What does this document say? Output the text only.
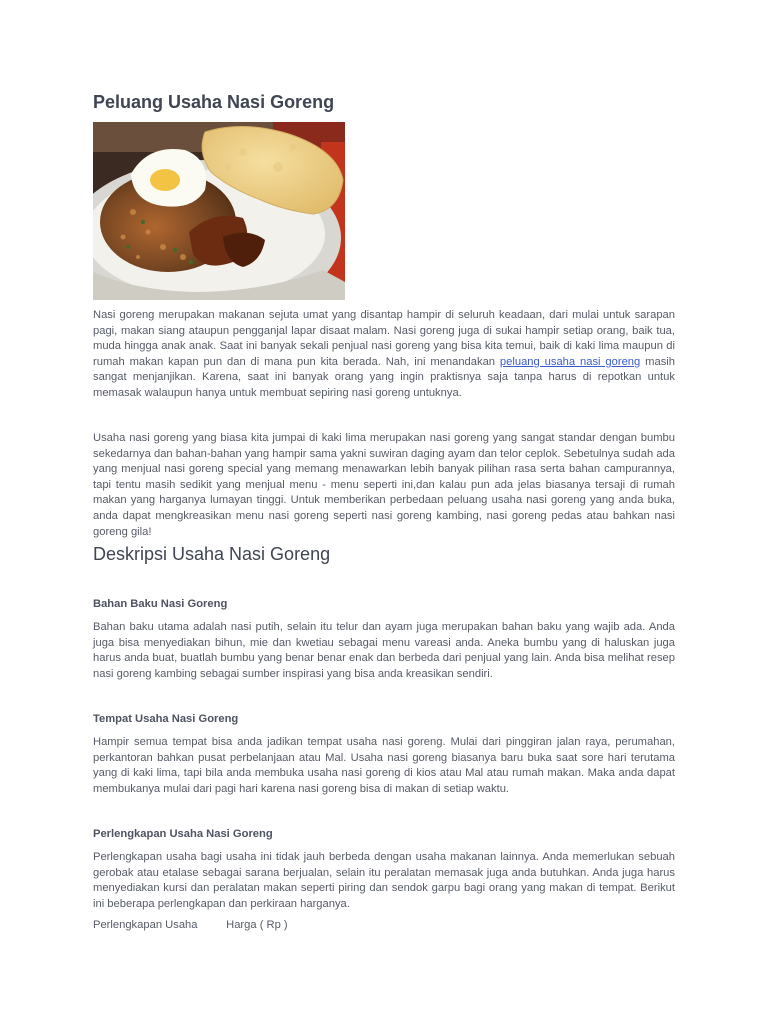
Peluang Usaha Nasi Goreng

Nasi goreng merupakan makanan sejuta umat yang disantap hampir di seluruh keadaan, dari mulai untuk sarapan pagi, makan siang ataupun pengganjal lapar disaat malam. Nasi goreng juga di sukai hampir setiap orang, baik tua, muda hingga anak anak. Saat ini banyak sekali penjual nasi goreng yang bisa kita temui, baik di kaki lima maupun di rumah makan kapan pun dan di mana pun kita berada. Nah, ini menandakan peluang usaha nasi goreng masih sangat menjanjikan. Karena, saat ini banyak orang yang ingin praktisnya saja tanpa harus di repotkan untuk memasak walaupun hanya untuk membuat sepiring nasi goreng untuknya.

Usaha nasi goreng yang biasa kita jumpai di kaki lima merupakan nasi goreng yang sangat standar dengan bumbu sekedarnya dan bahan-bahan yang hampir sama yakni suwiran daging ayam dan telor ceplok. Sebetulnya sudah ada yang menjual nasi goreng special yang memang menawarkan lebih banyak pilihan rasa serta bahan campurannya, tapi tentu masih sedikit yang menjual menu - menu seperti ini,dan kalau pun ada jelas biasanya tersaji di rumah makan yang harganya lumayan tinggi. Untuk memberikan perbedaan peluang usaha nasi goreng yang anda buka, anda dapat mengkreasikan menu nasi goreng seperti nasi goreng kambing, nasi goreng pedas atau bahkan nasi goreng gila!

Deskripsi Usaha Nasi Goreng
Bahan Baku Nasi Goreng

Bahan baku utama adalah nasi putih, selain itu telur dan ayam juga merupakan bahan baku yang wajib ada. Anda juga bisa menyediakan bihun, mie dan kwetiau sebagai menu vareasi anda. Aneka bumbu yang di haluskan juga harus anda buat, buatlah bumbu yang benar benar enak dan berbeda dari penjual yang lain. Anda bisa melihat resep nasi goreng kambing sebagai sumber inspirasi yang bisa anda kreasikan sendiri.

Tempat Usaha Nasi Goreng

Hampir semua tempat bisa anda jadikan tempat usaha nasi goreng. Mulai dari pinggiran jalan raya, perumahan, perkantoran bahkan pusat perbelanjaan atau Mal. Usaha nasi goreng biasanya baru buka saat sore hari terutama yang di kaki lima, tapi bila anda membuka usaha nasi goreng di kios atau Mal atau rumah makan. Maka anda dapat membukanya mulai dari pagi hari karena nasi goreng bisa di makan di setiap waktu.

Perlengkapan Usaha Nasi Goreng

Perlengkapan usaha bagi usaha ini tidak jauh berbeda dengan usaha makanan lainnya. Anda memerlukan sebuah gerobak atau etalase sebagai sarana berjualan, selain itu peralatan memasak juga anda butuhkan. Anda juga harus menyediakan kursi dan peralatan makan seperti piring dan sendok garpu bagi orang yang makan di tempat. Berikut ini beberapa perlengkapan dan perkiraan harganya.

Perlengkapan Usaha	Harga ( Rp )
